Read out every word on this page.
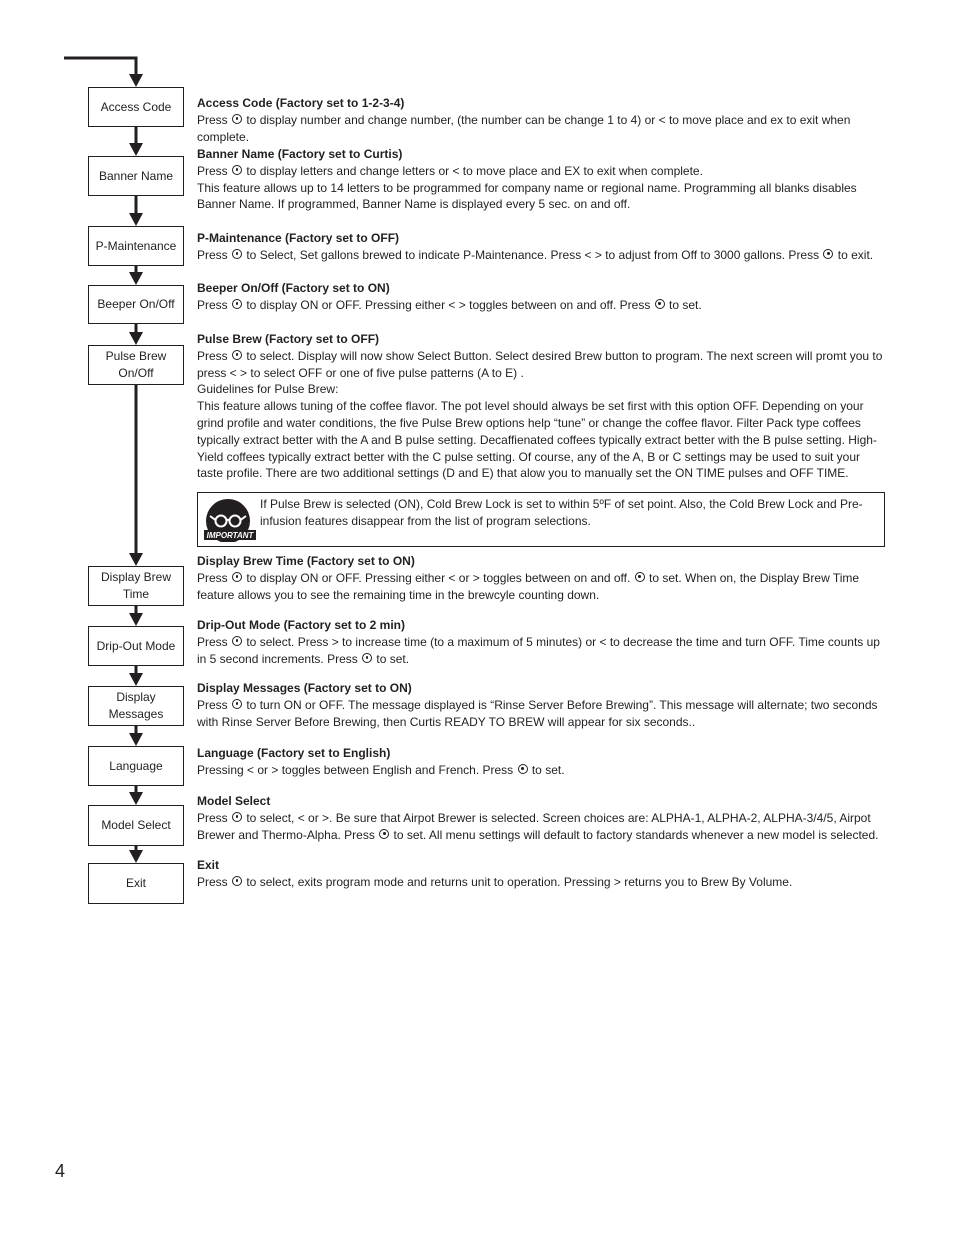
Access Code
Banner Name
P-Maintenance
Beeper On/Off
Pulse Brew On/Off
Display Brew Time
Drip-Out Mode
Display Messages
Language
Model Select
Exit
Access Code (Factory set to 1-2-3-4)

Press  to display number and change number, (the number can be change 1 to 4) or < to move place and ex to exit when complete.

Banner Name (Factory set to Curtis)

Press  to display letters and change letters or < to move place and EX to exit when complete.

This feature allows up to 14 letters to be programmed for company name or regional name. Programming all blanks disables Banner Name. If programmed, Banner Name is displayed every 5 sec. on and off.

P-Maintenance (Factory set to OFF)

Press  to Select, Set gallons brewed to indicate P-Maintenance. Press < > to adjust from Off to 3000 gallons. Press  to exit.

Beeper On/Off (Factory set to ON)

Press  to display ON or OFF. Pressing either < > toggles between on and off. Press  to set.

Pulse Brew (Factory set to OFF)

Press  to select. Display will now show Select Button. Select desired Brew button to program. The next screen will promt you to press < > to select OFF or one of five pulse patterns (A to E) .

Guidelines for Pulse Brew:

This feature allows tuning of the coffee flavor. The pot level should always be set first with this option OFF. Depending on your grind profile and water conditions, the five Pulse Brew options help “tune” or change the coffee flavor. Filter Pack type coffees typically extract better with the A and B pulse setting. Decaffienated coffees typically extract better with the B pulse setting. High-Yield coffees typically extract better with the C pulse setting. Of course, any of the A, B or C settings may be used to suit your taste profile. There are two additional settings (D and E) that alow you to manually set the ON TIME pulses and OFF TIME.

IMPORTANT
If Pulse Brew is selected (ON), Cold Brew Lock is set to within 5ºF of set point. Also, the Cold Brew Lock and Pre-infusion features disappear from the list of program selections.
Display Brew Time (Factory set to ON)

Press  to display ON or OFF. Pressing either < or > toggles between on and off.  to set. When on, the Display Brew Time feature allows you to see the remaining time in the brewcyle counting down.

Drip-Out Mode (Factory set to 2 min)

Press  to select. Press > to increase time (to a maximum of 5 minutes) or < to decrease the time and turn OFF. Time counts up in 5 second increments. Press  to set.

Display Messages (Factory set to ON)

Press  to turn ON or OFF. The message displayed is “Rinse Server Before Brewing”. This message will alternate; two seconds with Rinse Server Before Brewing, then Curtis READY TO BREW will appear for six seconds..

Language (Factory set to English)

Pressing < or > toggles between English and French. Press  to set.

Model Select

Press  to select, < or >. Be sure that Airpot Brewer is selected. Screen choices are: ALPHA-1, ALPHA-2, ALPHA-3/4/5, Airpot Brewer and Thermo-Alpha. Press  to set. All menu settings will default to factory standards whenever a new model is selected.

Exit

Press  to select, exits program mode and returns unit to operation. Pressing > returns you to Brew By Volume.

4
